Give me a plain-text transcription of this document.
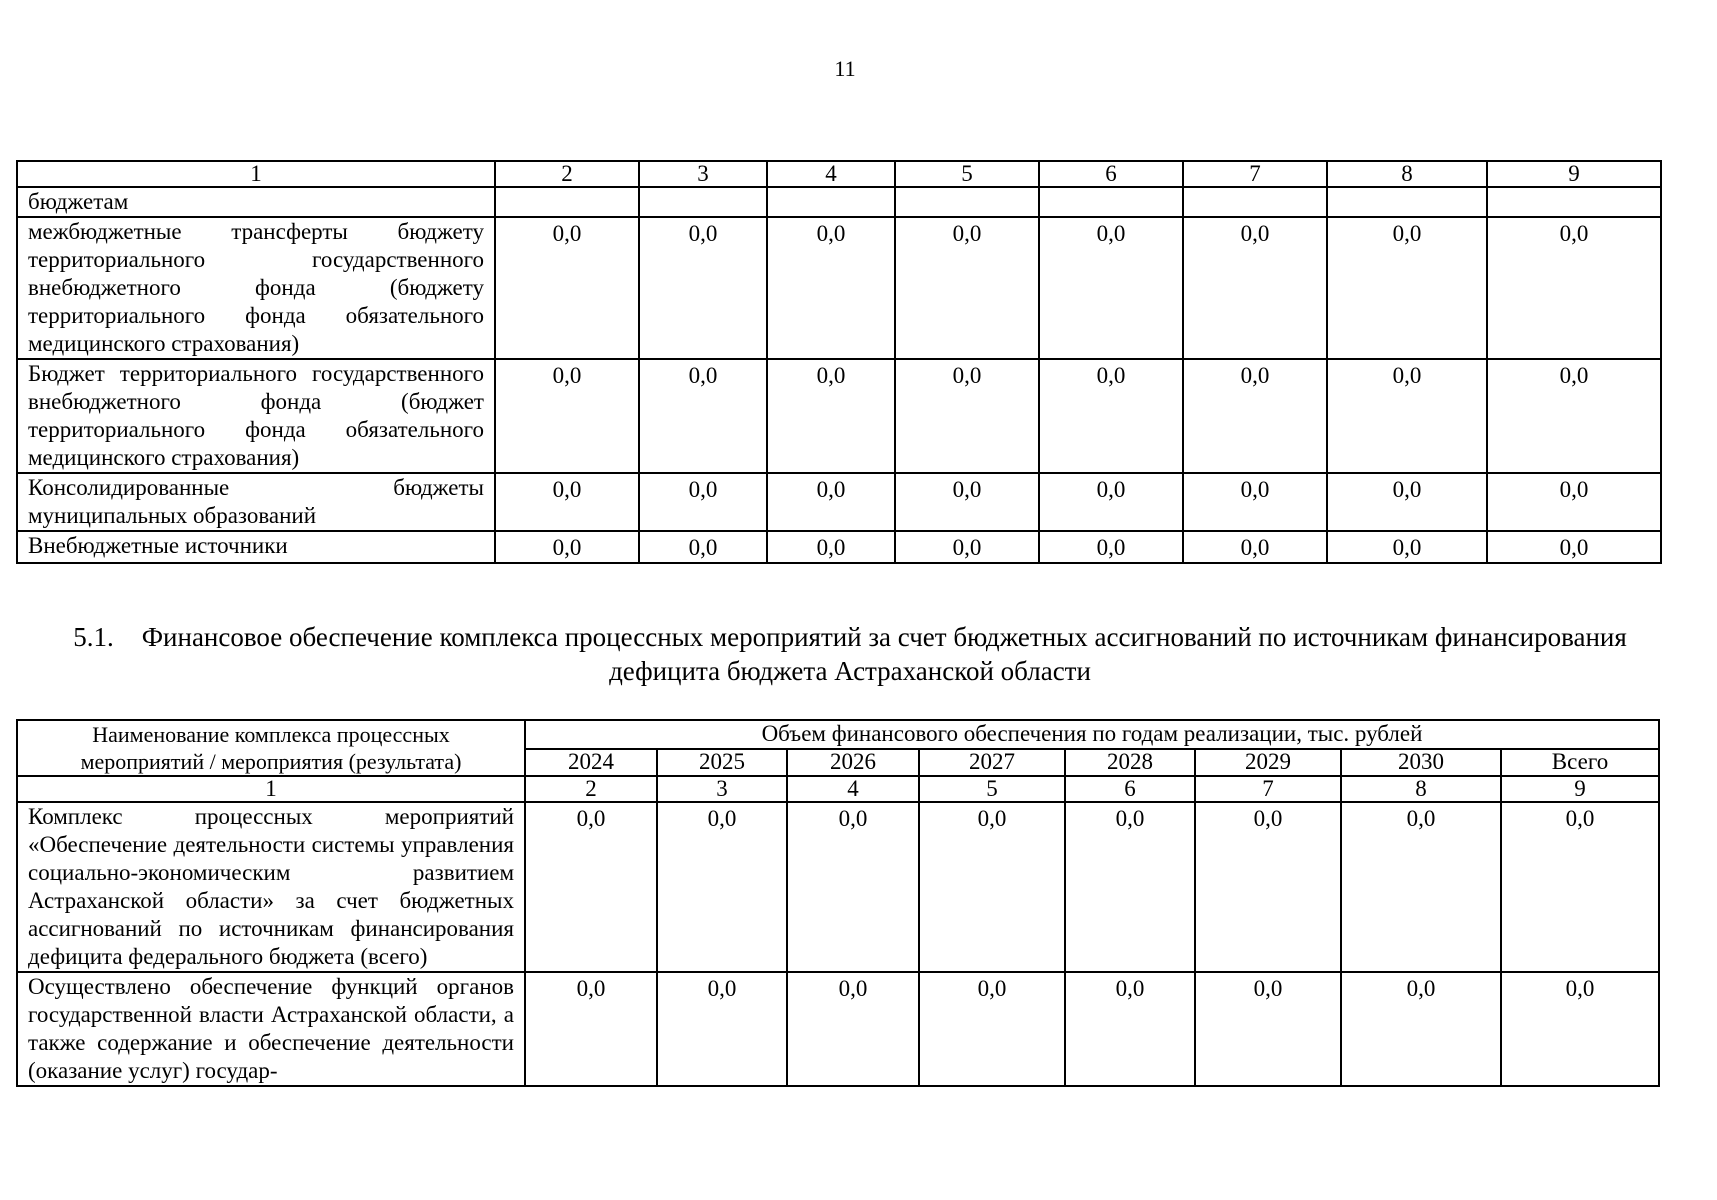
11
1	2	3	4	5	6	7	8	9
бюджетам								
межбюджетные трансферты бюджету территориального государственного внебюджетного фонда (бюджету территориального фонда обязательного медицинского страхования)	0,0	0,0	0,0	0,0	0,0	0,0	0,0	0,0
Бюджет территориального государственного внебюджетного фонда (бюджет территориального фонда обязательного медицинского страхования)	0,0	0,0	0,0	0,0	0,0	0,0	0,0	0,0
Консолидированные бюджеты муниципальных образований	0,0	0,0	0,0	0,0	0,0	0,0	0,0	0,0
Внебюджетные источники	0,0	0,0	0,0	0,0	0,0	0,0	0,0	0,0
5.1. Финансовое обеспечение комплекса процессных мероприятий за счет бюджетных ассигнований по источникам финансирования дефицита бюджета Астраханской области
Наименование комплекса процессных мероприятий / мероприятия (результата)	Объем финансового обеспечения по годам реализации, тыс. рублей							
	2024	2025	2026	2027	2028	2029	2030	Всего
1	2	3	4	5	6	7	8	9
Комплекс процессных мероприятий «Обеспечение деятельности системы управления социально-экономическим развитием Астраханской области» за счет бюджетных ассигнований по источникам финансирования дефицита федерального бюджета (всего)	0,0	0,0	0,0	0,0	0,0	0,0	0,0	0,0
Осуществлено обеспечение функций органов государственной власти Астраханской области, а также содержание и обеспечение деятельности (оказание услуг) государ-	0,0	0,0	0,0	0,0	0,0	0,0	0,0	0,0
